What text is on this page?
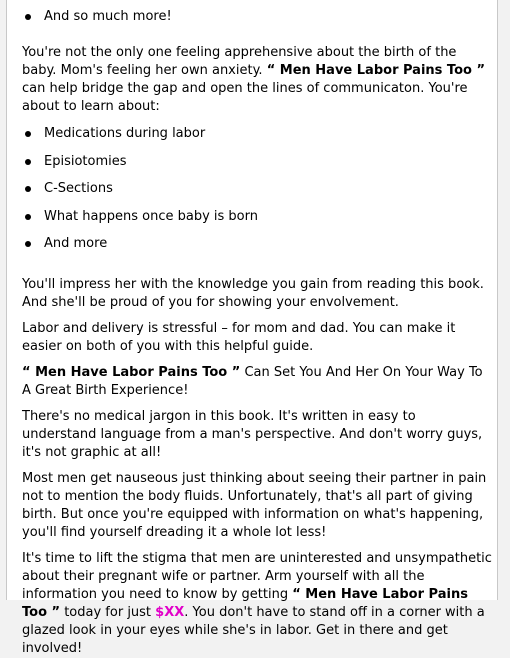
And so much more!

You're not the only one feeling apprehensive about the birth of the baby. Mom's feeling her own anxiety. “ Men Have Labor Pains Too ” can help bridge the gap and open the lines of communicaton. You're about to learn about:

Medications during labor
Episiotomies
C-Sections
What happens once baby is born
And more

You'll impress her with the knowledge you gain from reading this book. And she'll be proud of you for showing your envolvement.

Labor and delivery is stressful – for mom and dad. You can make it easier on both of you with this helpful guide.

“ Men Have Labor Pains Too ” Can Set You And Her On Your Way To A Great Birth Experience!

There's no medical jargon in this book. It's written in easy to understand language from a man's perspective. And don't worry guys, it's not graphic at all!

Most men get nauseous just thinking about seeing their partner in pain not to mention the body fluids. Unfortunately, that's all part of giving birth. But once you're equipped with information on what's happening, you'll find yourself dreading it a whole lot less!

It's time to lift the stigma that men are uninterested and unsympathetic about their pregnant wife or partner. Arm yourself with all the information you need to know by getting “ Men Have Labor Pains Too ” today for just $XX. You don't have to stand off in a corner with a glazed look in your eyes while she's in labor. Get in there and get involved!
